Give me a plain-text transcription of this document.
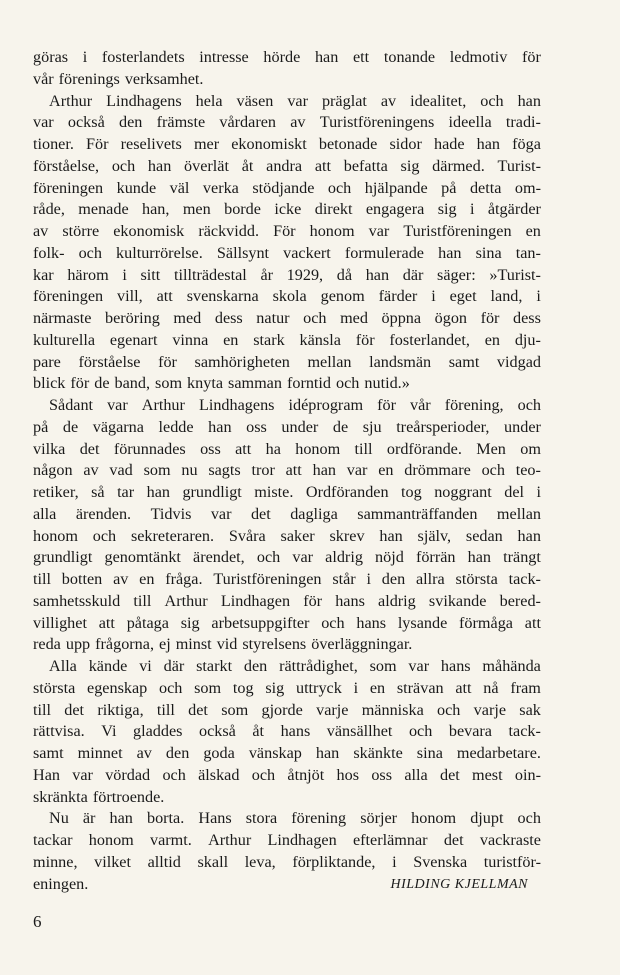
göras i fosterlandets intresse hörde han ett tonande ledmotiv för
vår förenings verksamhet.
Arthur Lindhagens hela väsen var präglat av idealitet, och han
var också den främste vårdaren av Turistföreningens ideella tradi-
tioner. För reselivets mer ekonomiskt betonade sidor hade han föga
förståelse, och han överlät åt andra att befatta sig därmed. Turist-
föreningen kunde väl verka stödjande och hjälpande på detta om-
råde, menade han, men borde icke direkt engagera sig i åtgärder
av större ekonomisk räckvidd. För honom var Turistföreningen en
folk- och kulturrörelse. Sällsynt vackert formulerade han sina tan-
kar härom i sitt tillträdestal år 1929, då han där säger: »Turist-
föreningen vill, att svenskarna skola genom färder i eget land, i
närmaste beröring med dess natur och med öppna ögon för dess
kulturella egenart vinna en stark känsla för fosterlandet, en dju-
pare förståelse för samhörigheten mellan landsmän samt vidgad
blick för de band, som knyta samman forntid och nutid.»
Sådant var Arthur Lindhagens idéprogram för vår förening, och
på de vägarna ledde han oss under de sju treårsperioder, under
vilka det förunnades oss att ha honom till ordförande. Men om
någon av vad som nu sagts tror att han var en drömmare och teo-
retiker, så tar han grundligt miste. Ordföranden tog noggrant del i
alla ärenden. Tidvis var det dagliga sammanträffanden mellan
honom och sekreteraren. Svåra saker skrev han själv, sedan han
grundligt genomtänkt ärendet, och var aldrig nöjd förrän han trängt
till botten av en fråga. Turistföreningen står i den allra största tack-
samhetsskuld till Arthur Lindhagen för hans aldrig svikande bered-
villighet att påtaga sig arbetsuppgifter och hans lysande förmåga att
reda upp frågorna, ej minst vid styrelsens överläggningar.
Alla kände vi där starkt den rättrådighet, som var hans måhända
största egenskap och som tog sig uttryck i en strävan att nå fram
till det riktiga, till det som gjorde varje människa och varje sak
rättvisa. Vi gladdes också åt hans vänsällhet och bevara tack-
samt minnet av den goda vänskap han skänkte sina medarbetare.
Han var vördad och älskad och åtnjöt hos oss alla det mest oin-
skränkta förtroende.
Nu är han borta. Hans stora förening sörjer honom djupt och
tackar honom varmt. Arthur Lindhagen efterlämnar det vackraste
minne, vilket alltid skall leva, förpliktande, i Svenska turistför-
eningen.	HILDING KJELLMAN
6
